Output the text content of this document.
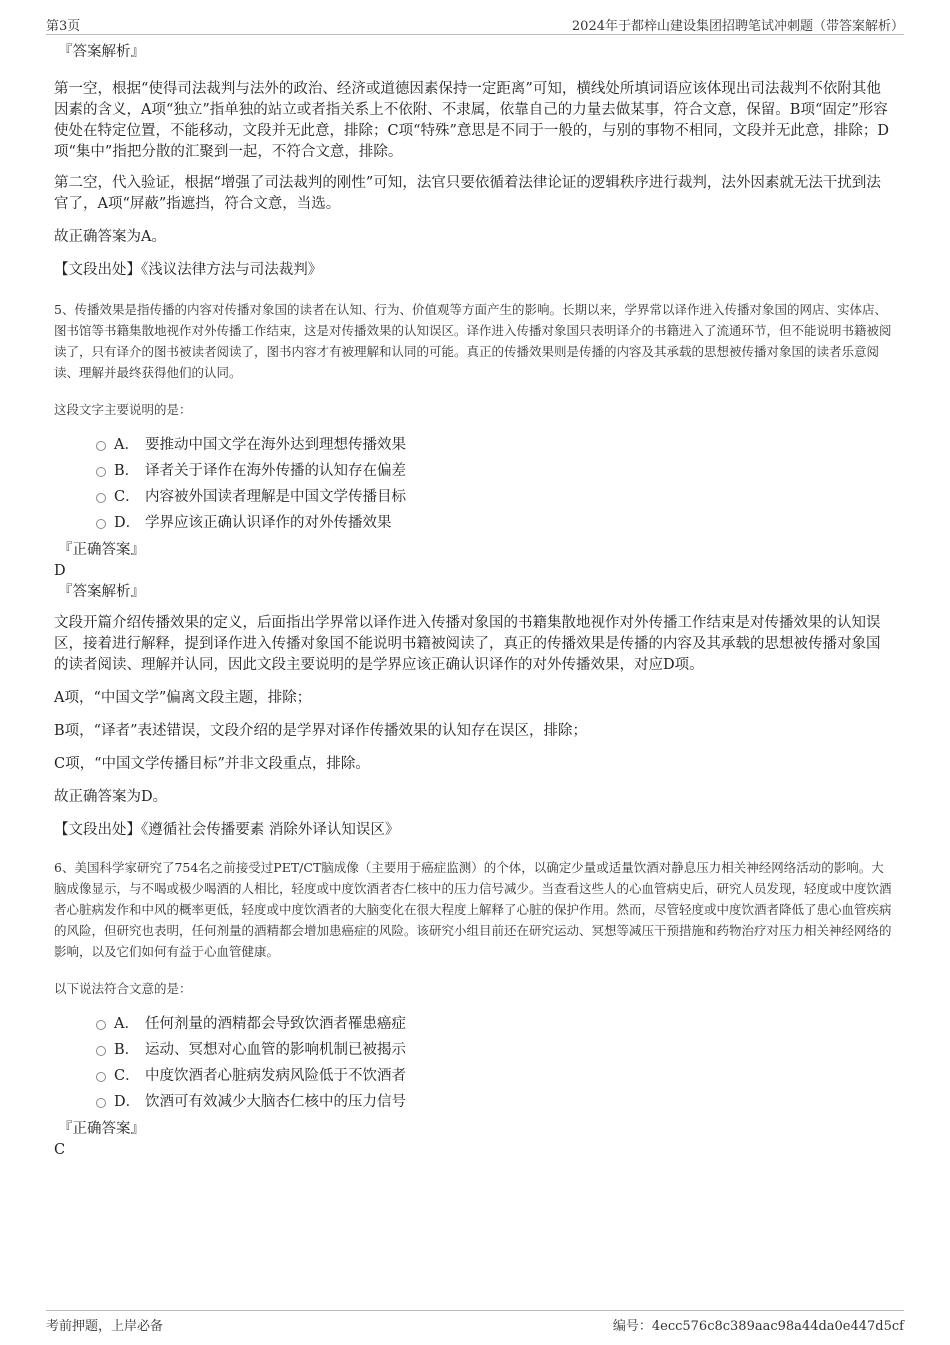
第3页	2024年于都梓山建设集团招聘笔试冲刺题（带答案解析）

『答案解析』

第一空，根据“使得司法裁判与法外的政治、经济或道德因素保持一定距离”可知，横线处所填词语应该体现出司法裁判不依附其他因素的含义，A项“独立”指单独的站立或者指关系上不依附、不隶属，依靠自己的力量去做某事，符合文意，保留。B项“固定”形容使处在特定位置，不能移动，文段并无此意，排除；C项“特殊”意思是不同于一般的，与别的事物不相同，文段并无此意，排除；D项“集中”指把分散的汇聚到一起，不符合文意，排除。

第二空，代入验证，根据“增强了司法裁判的刚性”可知，法官只要依循着法律论证的逻辑秩序进行裁判，法外因素就无法干扰到法官了，A项“屏蔽”指遮挡，符合文意，当选。

故正确答案为A。

【文段出处】《浅议法律方法与司法裁判》

5、传播效果是指传播的内容对传播对象国的读者在认知、行为、价值观等方面产生的影响。长期以来，学界常以译作进入传播对象国的网店、实体店、图书馆等书籍集散地视作对外传播工作结束，这是对传播效果的认知误区。译作进入传播对象国只表明译介的书籍进入了流通环节，但不能说明书籍被阅读了，只有译介的图书被读者阅读了，图书内容才有被理解和认同的可能。真正的传播效果则是传播的内容及其承载的思想被传播对象国的读者乐意阅读、理解并最终获得他们的认同。

这段文字主要说明的是：

A． 要推动中国文学在海外达到理想传播效果
B． 译者关于译作在海外传播的认知存在偏差
C． 内容被外国读者理解是中国文学传播目标
D． 学界应该正确认识译作的对外传播效果

『正确答案』

D

『答案解析』

文段开篇介绍传播效果的定义，后面指出学界常以译作进入传播对象国的书籍集散地视作对外传播工作结束是对传播效果的认知误区，接着进行解释，提到译作进入传播对象国不能说明书籍被阅读了，真正的传播效果是传播的内容及其承载的思想被传播对象国的读者阅读、理解并认同，因此文段主要说明的是学界应该正确认识译作的对外传播效果，对应D项。

A项，“中国文学”偏离文段主题，排除；

B项，“译者”表述错误，文段介绍的是学界对译作传播效果的认知存在误区，排除；

C项，“中国文学传播目标”并非文段重点，排除。

故正确答案为D。

【文段出处】《遵循社会传播要素 消除外译认知误区》

6、美国科学家研究了754名之前接受过PET/CT脑成像（主要用于癌症监测）的个体，以确定少量或适量饮酒对静息压力相关神经网络活动的影响。大脑成像显示，与不喝或极少喝酒的人相比，轻度或中度饮酒者杏仁核中的压力信号减少。当查看这些人的心血管病史后，研究人员发现，轻度或中度饮酒者心脏病发作和中风的概率更低，轻度或中度饮酒者的大脑变化在很大程度上解释了心脏的保护作用。然而，尽管轻度或中度饮酒者降低了患心血管疾病的风险，但研究也表明，任何剂量的酒精都会增加患癌症的风险。该研究小组目前还在研究运动、冥想等减压干预措施和药物治疗对压力相关神经网络的影响，以及它们如何有益于心血管健康。

以下说法符合文意的是：

A． 任何剂量的酒精都会导致饮酒者罹患癌症
B． 运动、冥想对心血管的影响机制已被揭示
C． 中度饮酒者心脏病发病风险低于不饮酒者
D． 饮酒可有效减少大脑杏仁核中的压力信号

『正确答案』

C

考前押题，上岸必备	编号：4ecc576c8c389aac98a44da0e447d5cf
